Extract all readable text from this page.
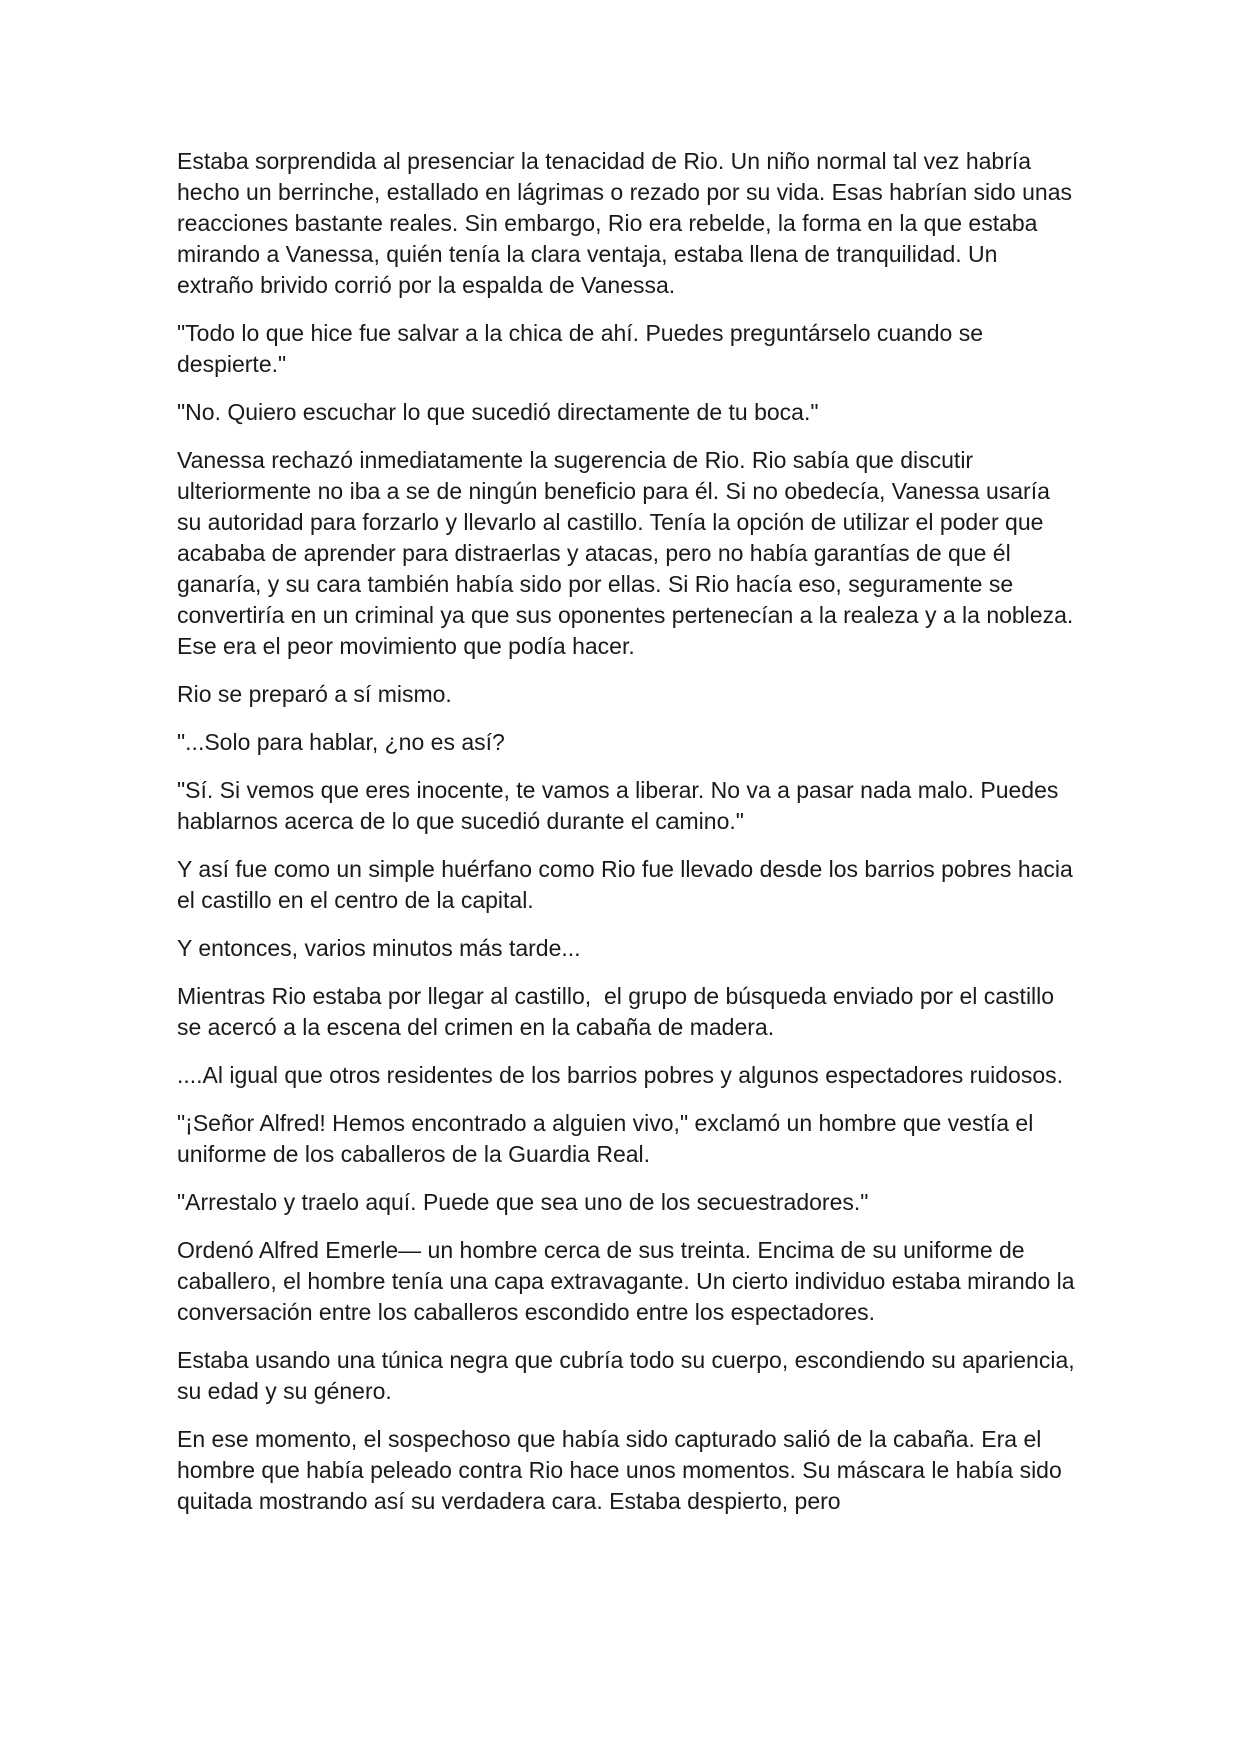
Estaba sorprendida al presenciar la tenacidad de Rio. Un niño normal tal vez habría hecho un berrinche, estallado en lágrimas o rezado por su vida. Esas habrían sido unas reacciones bastante reales. Sin embargo, Rio era rebelde, la forma en la que estaba mirando a Vanessa, quién tenía la clara ventaja, estaba llena de tranquilidad. Un extraño brivido corrió por la espalda de Vanessa.

"Todo lo que hice fue salvar a la chica de ahí. Puedes preguntárselo cuando se despierte."

"No. Quiero escuchar lo que sucedió directamente de tu boca."

Vanessa rechazó inmediatamente la sugerencia de Rio. Rio sabía que discutir ulteriormente no iba a se de ningún beneficio para él. Si no obedecía, Vanessa usaría su autoridad para forzarlo y llevarlo al castillo. Tenía la opción de utilizar el poder que acababa de aprender para distraerlas y atacas, pero no había garantías de que él ganaría, y su cara también había sido por ellas. Si Rio hacía eso, seguramente se convertiría en un criminal ya que sus oponentes pertenecían a la realeza y a la nobleza. Ese era el peor movimiento que podía hacer.

Rio se preparó a sí mismo.

"...Solo para hablar, ¿no es así?

"Sí. Si vemos que eres inocente, te vamos a liberar. No va a pasar nada malo. Puedes hablarnos acerca de lo que sucedió durante el camino."

Y así fue como un simple huérfano como Rio fue llevado desde los barrios pobres hacia el castillo en el centro de la capital.

Y entonces, varios minutos más tarde...

Mientras Rio estaba por llegar al castillo,  el grupo de búsqueda enviado por el castillo se acercó a la escena del crimen en la cabaña de madera.

....Al igual que otros residentes de los barrios pobres y algunos espectadores ruidosos.

"¡Señor Alfred! Hemos encontrado a alguien vivo," exclamó un hombre que vestía el uniforme de los caballeros de la Guardia Real.

"Arrestalo y traelo aquí. Puede que sea uno de los secuestradores."

Ordenó Alfred Emerle— un hombre cerca de sus treinta. Encima de su uniforme de caballero, el hombre tenía una capa extravagante. Un cierto individuo estaba mirando la conversación entre los caballeros escondido entre los espectadores.

Estaba usando una túnica negra que cubría todo su cuerpo, escondiendo su apariencia, su edad y su género.

En ese momento, el sospechoso que había sido capturado salió de la cabaña. Era el hombre que había peleado contra Rio hace unos momentos. Su máscara le había sido quitada mostrando así su verdadera cara. Estaba despierto, pero
